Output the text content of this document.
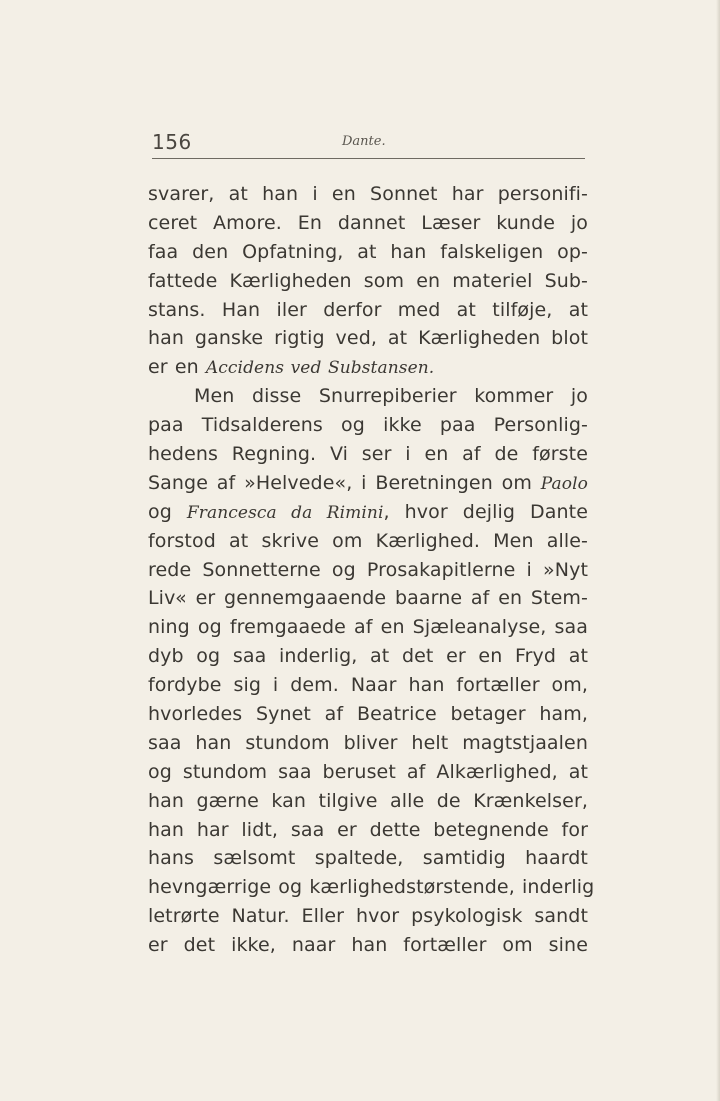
156	Dante.
svarer, at han i en Sonnet har personifi-
ceret Amore. En dannet Læser kunde jo
faa den Opfatning, at han falskeligen op-
fattede Kærligheden som en materiel Sub-
stans. Han iler derfor med at tilføje, at
han ganske rigtig ved, at Kærligheden blot
er en Accidens ved Substansen.
Men disse Snurrepiberier kommer jo
paa Tidsalderens og ikke paa Personlig-
hedens Regning. Vi ser i en af de første
Sange af »Helvede«, i Beretningen om Paolo
og Francesca da Rimini, hvor dejlig Dante
forstod at skrive om Kærlighed. Men alle-
rede Sonnetterne og Prosakapitlerne i »Nyt
Liv« er gennemgaaende baarne af en Stem-
ning og fremgaaede af en Sjæleanalyse, saa
dyb og saa inderlig, at det er en Fryd at
fordybe sig i dem. Naar han fortæller om,
hvorledes Synet af Beatrice betager ham,
saa han stundom bliver helt magtstjaalen
og stundom saa beruset af Alkærlighed, at
han gærne kan tilgive alle de Krænkelser,
han har lidt, saa er dette betegnende for
hans sælsomt spaltede, samtidig haardt
hevngærrige og kærlighedstørstende, inderlig
letrørte Natur. Eller hvor psykologisk sandt
er det ikke, naar han fortæller om sine
